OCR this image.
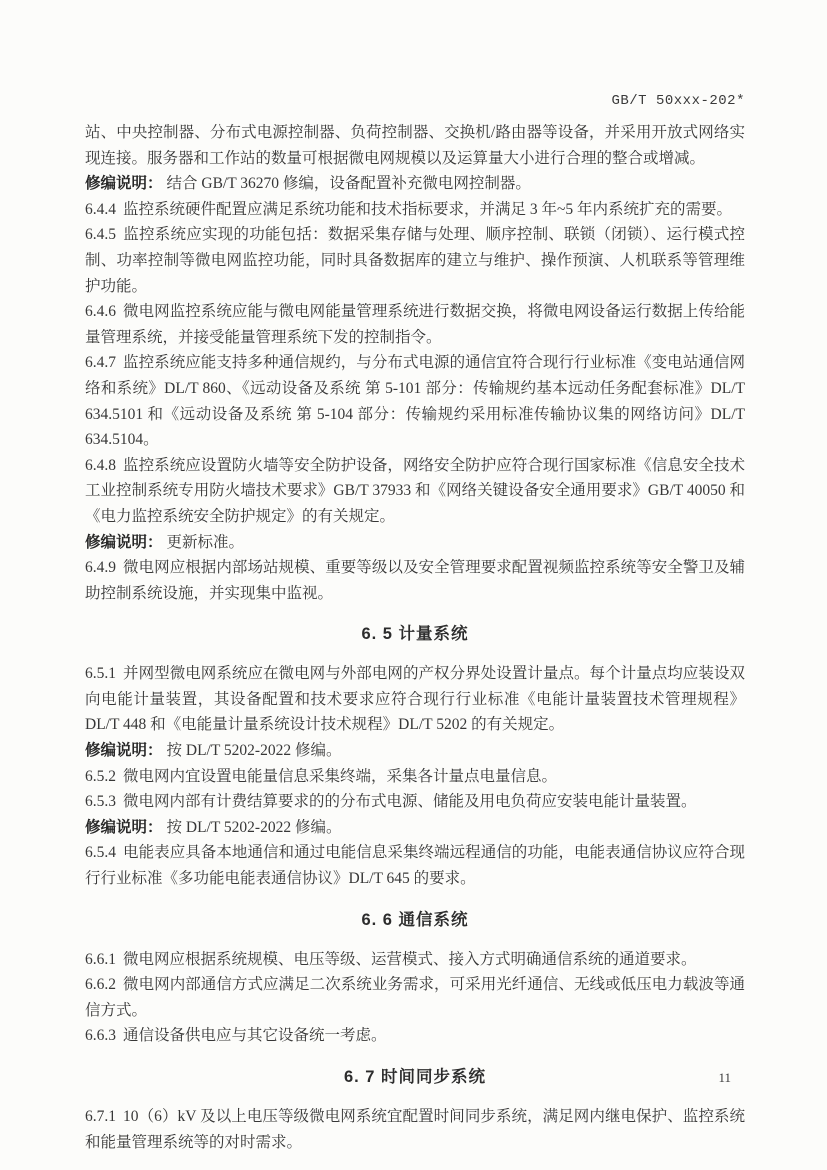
GB/T 50xxx-202*

站、中央控制器、分布式电源控制器、负荷控制器、交换机/路由器等设备，并采用开放式网络实现连接。服务器和工作站的数量可根据微电网规模以及运算量大小进行合理的整合或增减。

修编说明： 结合 GB/T 36270 修编，设备配置补充微电网控制器。

6.4.4 监控系统硬件配置应满足系统功能和技术指标要求，并满足 3 年~5 年内系统扩充的需要。

6.4.5 监控系统应实现的功能包括：数据采集存储与处理、顺序控制、联锁（闭锁）、运行模式控制、功率控制等微电网监控功能，同时具备数据库的建立与维护、操作预演、人机联系等管理维护功能。

6.4.6 微电网监控系统应能与微电网能量管理系统进行数据交换，将微电网设备运行数据上传给能量管理系统，并接受能量管理系统下发的控制指令。

6.4.7 监控系统应能支持多种通信规约，与分布式电源的通信宜符合现行行业标准《变电站通信网络和系统》DL/T 860、《远动设备及系统 第 5-101 部分：传输规约基本远动任务配套标准》DL/T 634.5101 和《远动设备及系统 第 5-104 部分：传输规约采用标准传输协议集的网络访问》DL/T 634.5104。

6.4.8 监控系统应设置防火墙等安全防护设备，网络安全防护应符合现行国家标准《信息安全技术 工业控制系统专用防火墙技术要求》GB/T 37933 和《网络关键设备安全通用要求》GB/T 40050 和《电力监控系统安全防护规定》的有关规定。

修编说明： 更新标准。

6.4.9 微电网应根据内部场站规模、重要等级以及安全管理要求配置视频监控系统等安全警卫及辅助控制系统设施，并实现集中监视。

6. 5 计量系统

6.5.1 并网型微电网系统应在微电网与外部电网的产权分界处设置计量点。每个计量点均应装设双向电能计量装置，其设备配置和技术要求应符合现行行业标准《电能计量装置技术管理规程》DL/T 448 和《电能量计量系统设计技术规程》DL/T 5202 的有关规定。

修编说明： 按 DL/T 5202-2022 修编。

6.5.2 微电网内宜设置电能量信息采集终端，采集各计量点电量信息。

6.5.3 微电网内部有计费结算要求的的分布式电源、储能及用电负荷应安装电能计量装置。

修编说明： 按 DL/T 5202-2022 修编。

6.5.4 电能表应具备本地通信和通过电能信息采集终端远程通信的功能，电能表通信协议应符合现行行业标准《多功能电能表通信协议》DL/T 645 的要求。

6. 6 通信系统

6.6.1 微电网应根据系统规模、电压等级、运营模式、接入方式明确通信系统的通道要求。

6.6.2 微电网内部通信方式应满足二次系统业务需求，可采用光纤通信、无线或低压电力载波等通信方式。

6.6.3 通信设备供电应与其它设备统一考虑。

6. 7 时间同步系统

6.7.1 10（6）kV 及以上电压等级微电网系统宜配置时间同步系统，满足网内继电保护、监控系统和能量管理系统等的对时需求。

11
